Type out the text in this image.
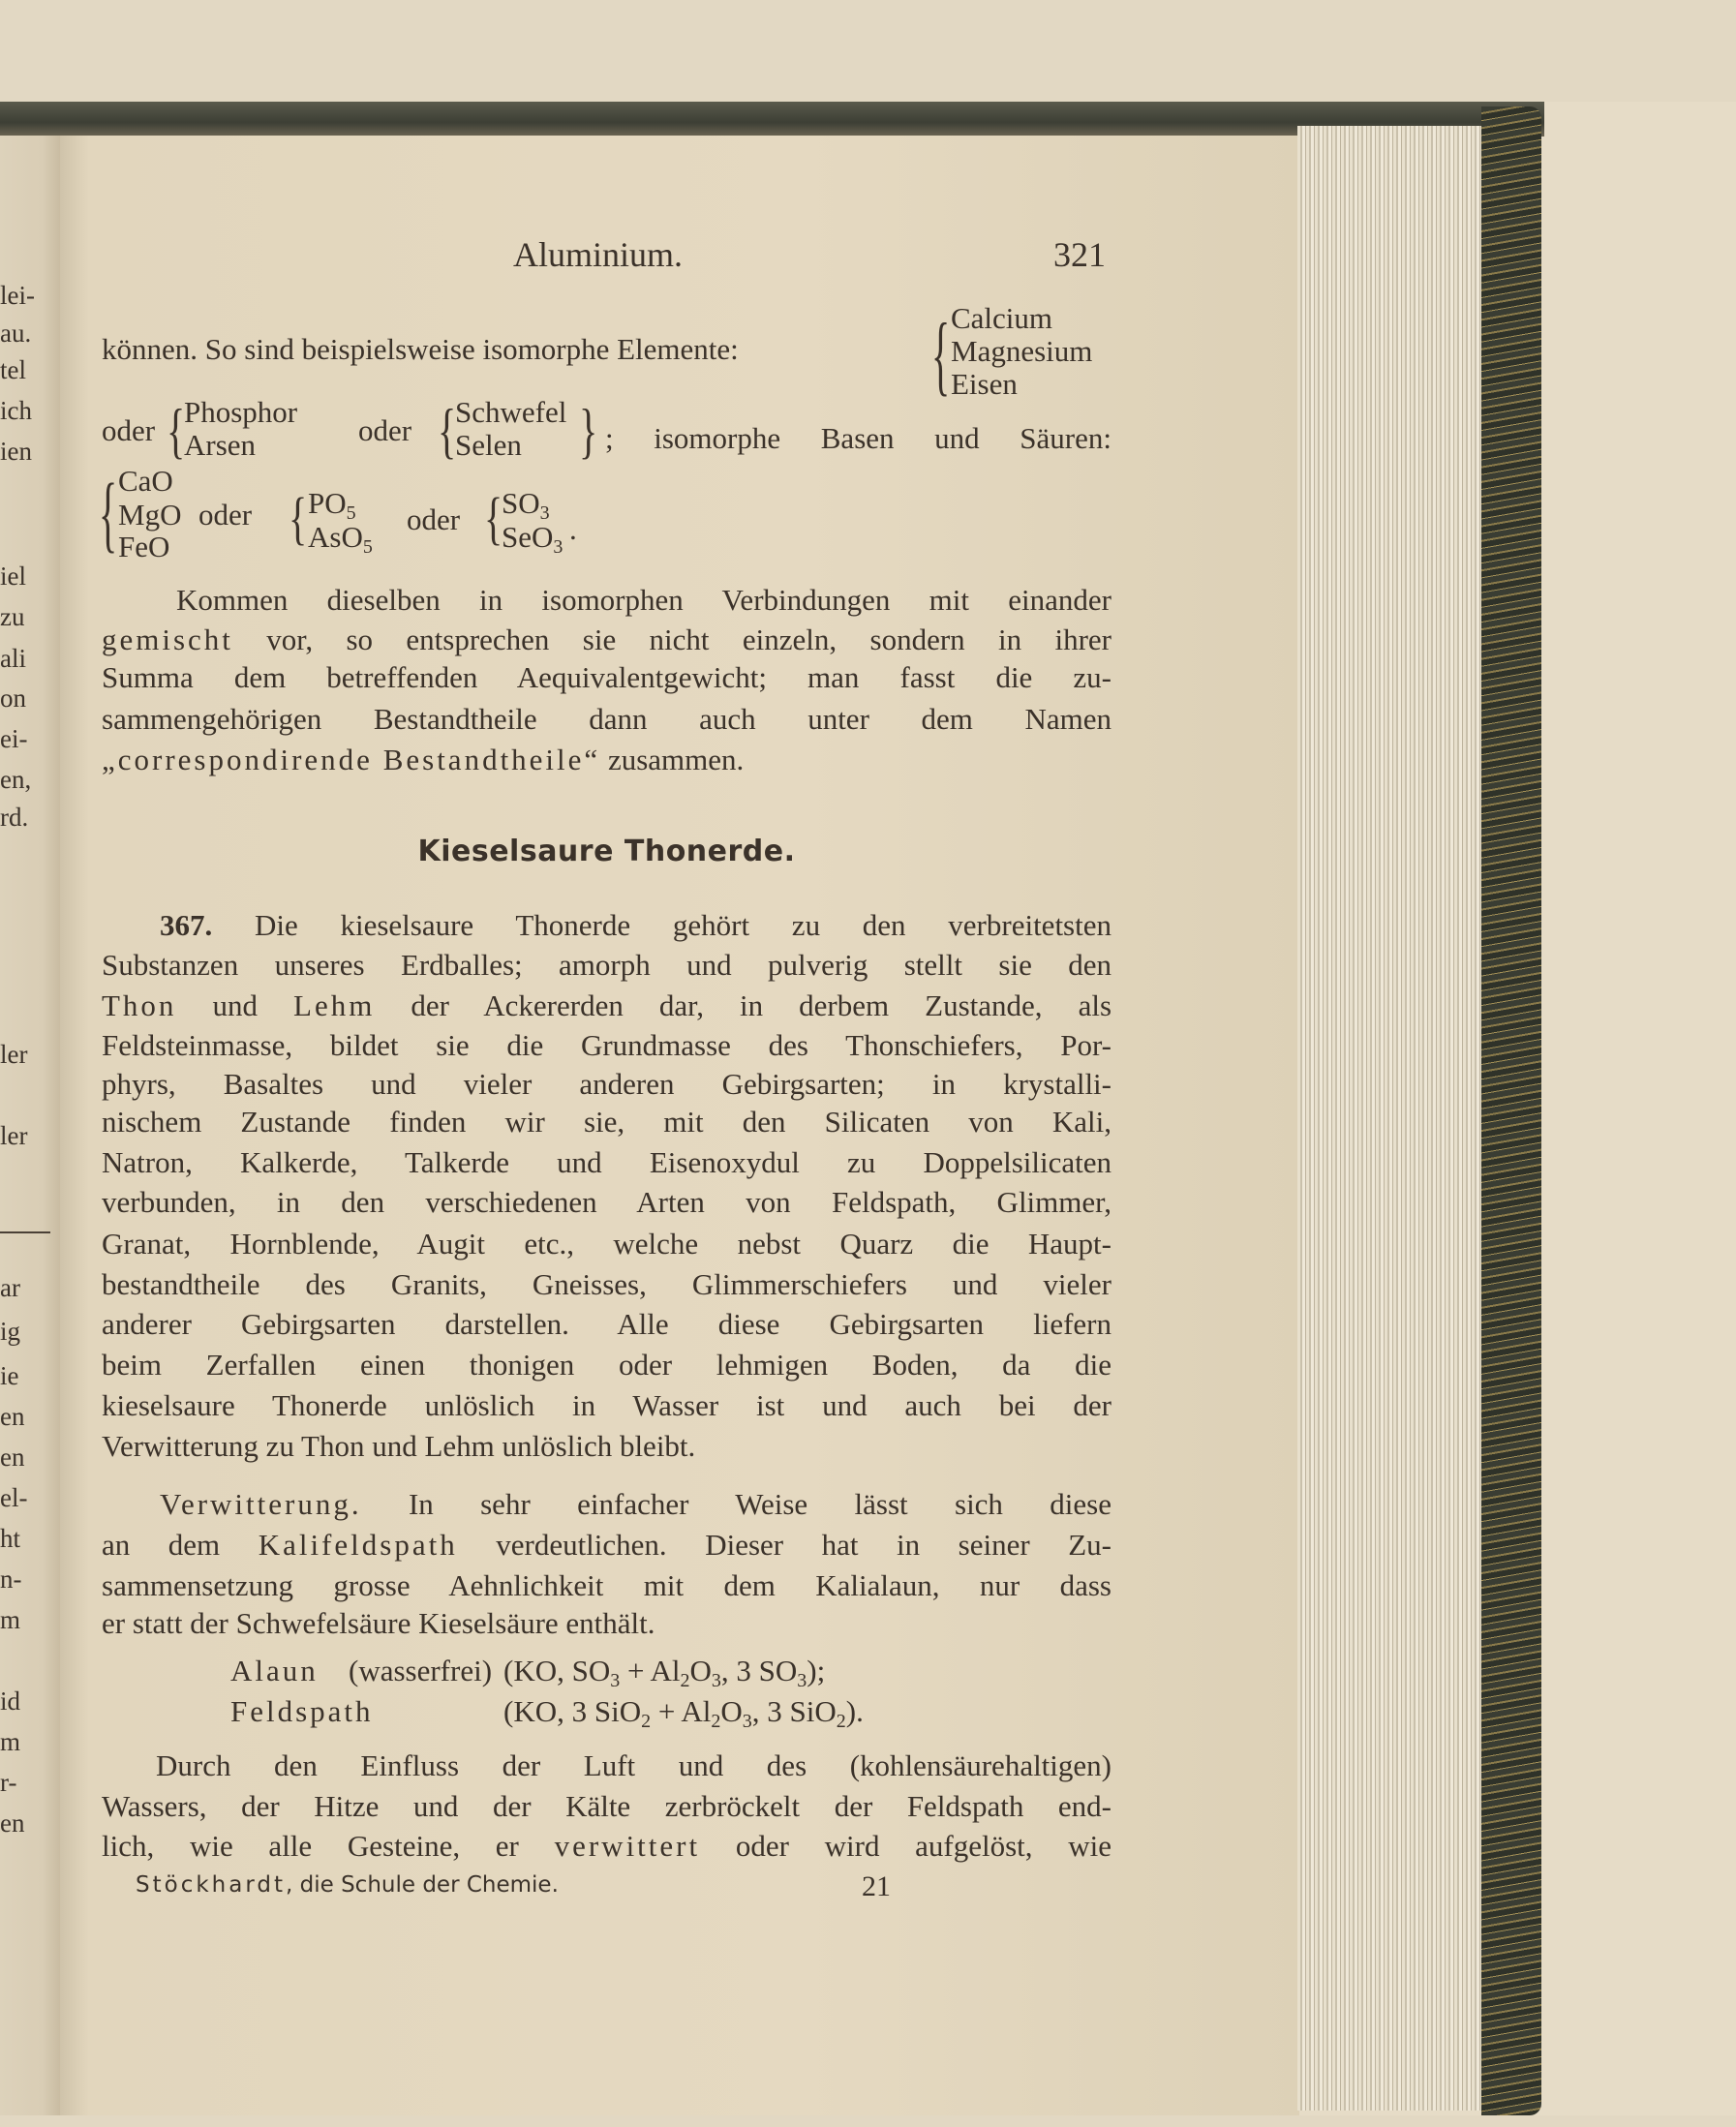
lei-
au.
tel
ich
ien
iel
zu
ali
on
ei-
en,
rd.
ler
ler
ar
ig
ie
en
en
el-
ht
n-
m
id
m
r-
en
Aluminium.	321
können. So sind beispielsweise isomorphe Elemente:	{ Calcium
Magnesium
Eisen
oder {
Phosphor
Arsen	oder {
Schwefel
Selen } ; isomorphe Basen und Säuren:
{ CaO
MgO
FeO
oder { $PO_5$
AsO$_5$
oder {
$SO_3$
SeO$_3$
.
Kommen dieselben in isomorphen Verbindungen mit einander
gemischt vor, so entsprechen sie nicht einzeln, sondern in ihrer
Summa dem betreffenden Aequivalentgewicht; man fasst die zu-
sammengehörigen Bestandtheile dann auch unter dem Namen
„correspondirende Bestandtheile“ zusammen.
Kieselsaure Thonerde.
367. Die kieselsaure Thonerde gehört zu den verbreitetsten
Substanzen unseres Erdballes; amorph und pulverig stellt sie den
Thon und Lehm der Ackererden dar, in derbem Zustande, als
Feldsteinmasse, bildet sie die Grundmasse des Thonschiefers, Por-
phyrs, Basaltes und vieler anderen Gebirgsarten; in krystalli-
nischem Zustande finden wir sie, mit den Silicaten von Kali,
Natron, Kalkerde, Talkerde und Eisenoxydul zu Doppelsilicaten
verbunden, in den verschiedenen Arten von Feldspath, Glimmer,
Granat, Hornblende, Augit etc., welche nebst Quarz die Haupt-
bestandtheile des Granits, Gneisses, Glimmerschiefers und vieler
anderer Gebirgsarten darstellen. Alle diese Gebirgsarten liefern
beim Zerfallen einen thonigen oder lehmigen Boden, da die
kieselsaure Thonerde unlöslich in Wasser ist und auch bei der
Verwitterung zu Thon und Lehm unlöslich bleibt.
Verwitterung. In sehr einfacher Weise lässt sich diese
an dem Kalifeldspath verdeutlichen. Dieser hat in seiner Zu-
sammensetzung grosse Aehnlichkeit mit dem Kalialaun, nur dass
er statt der Schwefelsäure Kieselsäure enthält.
Alaun (wasserfrei) (KO, $SO_3 + Al_2O_3$, 3 $SO_3$);
Feldspath	(KO, 3 $SiO_2 + Al_2O_3$, 3 SiO$_2$).
Durch den Einfluss der Luft und des (kohlensäurehaltigen)
Wassers, der Hitze und der Kälte zerbröckelt der Feldspath end-
lich, wie alle Gesteine, er verwittert oder wird aufgelöst, wie
Stöckhardt, die Schule der Chemie.	21
